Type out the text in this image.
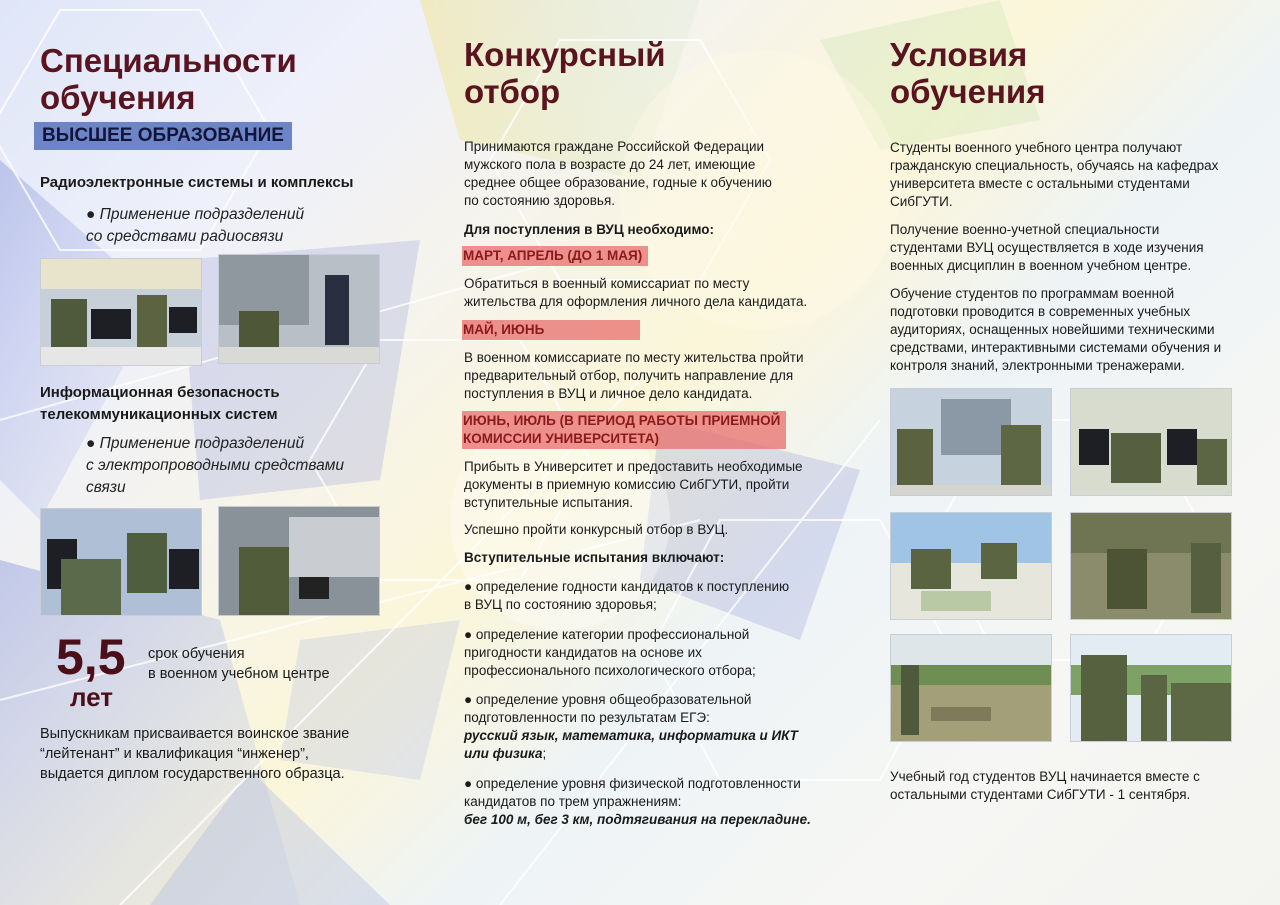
Специальности
обучения
ВЫСШЕЕ ОБРАЗОВАНИЕ
Радиоэлектронные системы и комплексы
● Применение подразделений
со средствами радиосвязи
Информационная безопасность
телекоммуникационных систем
● Применение подразделений
с электропроводными средствами
связи
5,5
лет
срок обучения
в военном учебном центре
Выпускникам присваивается воинское звание
“лейтенант” и квалификация “инженер”,
выдается диплом государственного образца.
Конкурсный
отбор
Принимаются граждане Российской Федерации
мужского пола в возрасте до 24 лет, имеющие
среднее общее образование, годные к обучению
по состоянию здоровья.
Для поступления в ВУЦ необходимо:
МАРТ, АПРЕЛЬ (ДО 1 МАЯ)
Обратиться в военный комиссариат по месту
жительства для оформления личного дела кандидата.
МАЙ, ИЮНЬ
В военном комиссариате по месту жительства пройти
предварительный отбор, получить направление для
поступления в ВУЦ и личное дело кандидата.
ИЮНЬ, ИЮЛЬ (В ПЕРИОД РАБОТЫ ПРИЕМНОЙ
КОМИССИИ УНИВЕРСИТЕТА)
Прибыть в Университет и предоставить необходимые
документы в приемную комиссию СибГУТИ, пройти
вступительные испытания.
Успешно пройти конкурсный отбор в ВУЦ.
Вступительные испытания включают:
● определение годности кандидатов к поступлению
в ВУЦ по состоянию здоровья;
● определение категории профессиональной
пригодности кандидатов на основе их
профессионального психологического отбора;
● определение уровня общеобразовательной
подготовленности по результатам ЕГЭ:
русский язык, математика, информатика и ИКТ
или физика;
● определение уровня физической подготовленности
кандидатов по трем упражнениям:
бег 100 м, бег 3 км, подтягивания на перекладине.
Условия
обучения
Студенты военного учебного центра получают
гражданскую специальность, обучаясь на кафедрах
университета вместе с остальными студентами
СибГУТИ.
Получение военно-учетной специальности
студентами ВУЦ осуществляется в ходе изучения
военных дисциплин в военном учебном центре.
Обучение студентов по программам военной
подготовки проводится в современных учебных
аудиториях, оснащенных новейшими техническими
средствами, интерактивными системами обучения и
контроля знаний, электронными тренажерами.
Учебный год студентов ВУЦ начинается вместе с
остальными студентами СибГУТИ - 1 сентября.
